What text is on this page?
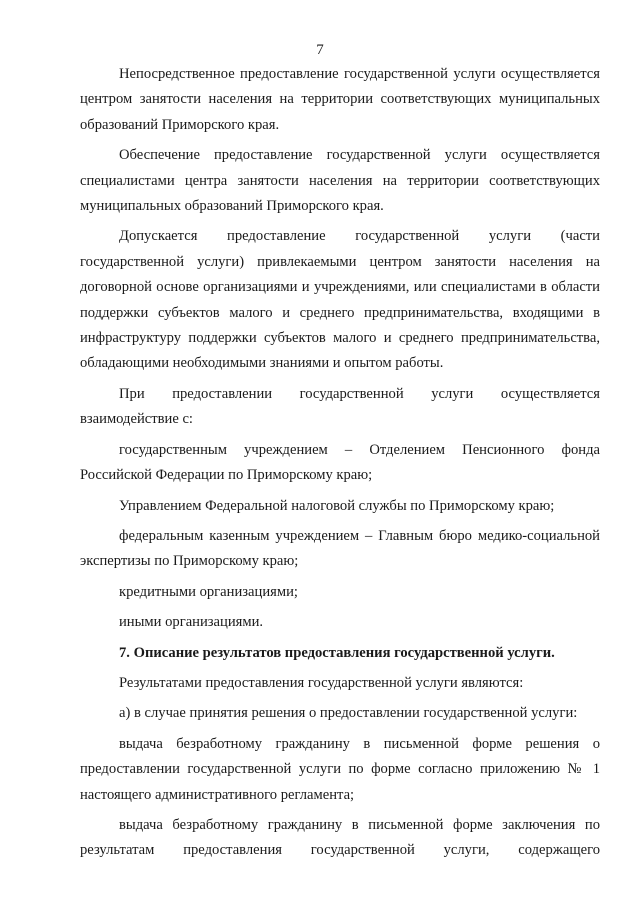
7

Непосредственное предоставление государственной услуги осуществляется центром занятости населения на территории соответствующих муниципальных образований Приморского края.

Обеспечение предоставление государственной услуги осуществляется специалистами центра занятости населения на территории соответствующих муниципальных образований Приморского края.

Допускается предоставление государственной услуги (части государственной услуги) привлекаемыми центром занятости населения на договорной основе организациями и учреждениями, или специалистами в области поддержки субъектов малого и среднего предпринимательства, входящими в инфраструктуру поддержки субъектов малого и среднего предпринимательства, обладающими необходимыми знаниями и опытом работы.

При предоставлении государственной услуги осуществляется взаимодействие с:

государственным учреждением – Отделением Пенсионного фонда Российской Федерации по Приморскому краю;

Управлением Федеральной налоговой службы по Приморскому краю;

федеральным казенным учреждением – Главным бюро медико-социальной экспертизы по Приморскому краю;

кредитными организациями;

иными организациями.

7. Описание результатов предоставления государственной услуги.

Результатами предоставления государственной услуги являются:

а) в случае принятия решения о предоставлении государственной услуги:

выдача безработному гражданину в письменной форме решения о предоставлении государственной услуги по форме согласно приложению № 1 настоящего административного регламента;

выдача безработному гражданину в письменной форме заключения по результатам предоставления государственной услуги, содержащего
